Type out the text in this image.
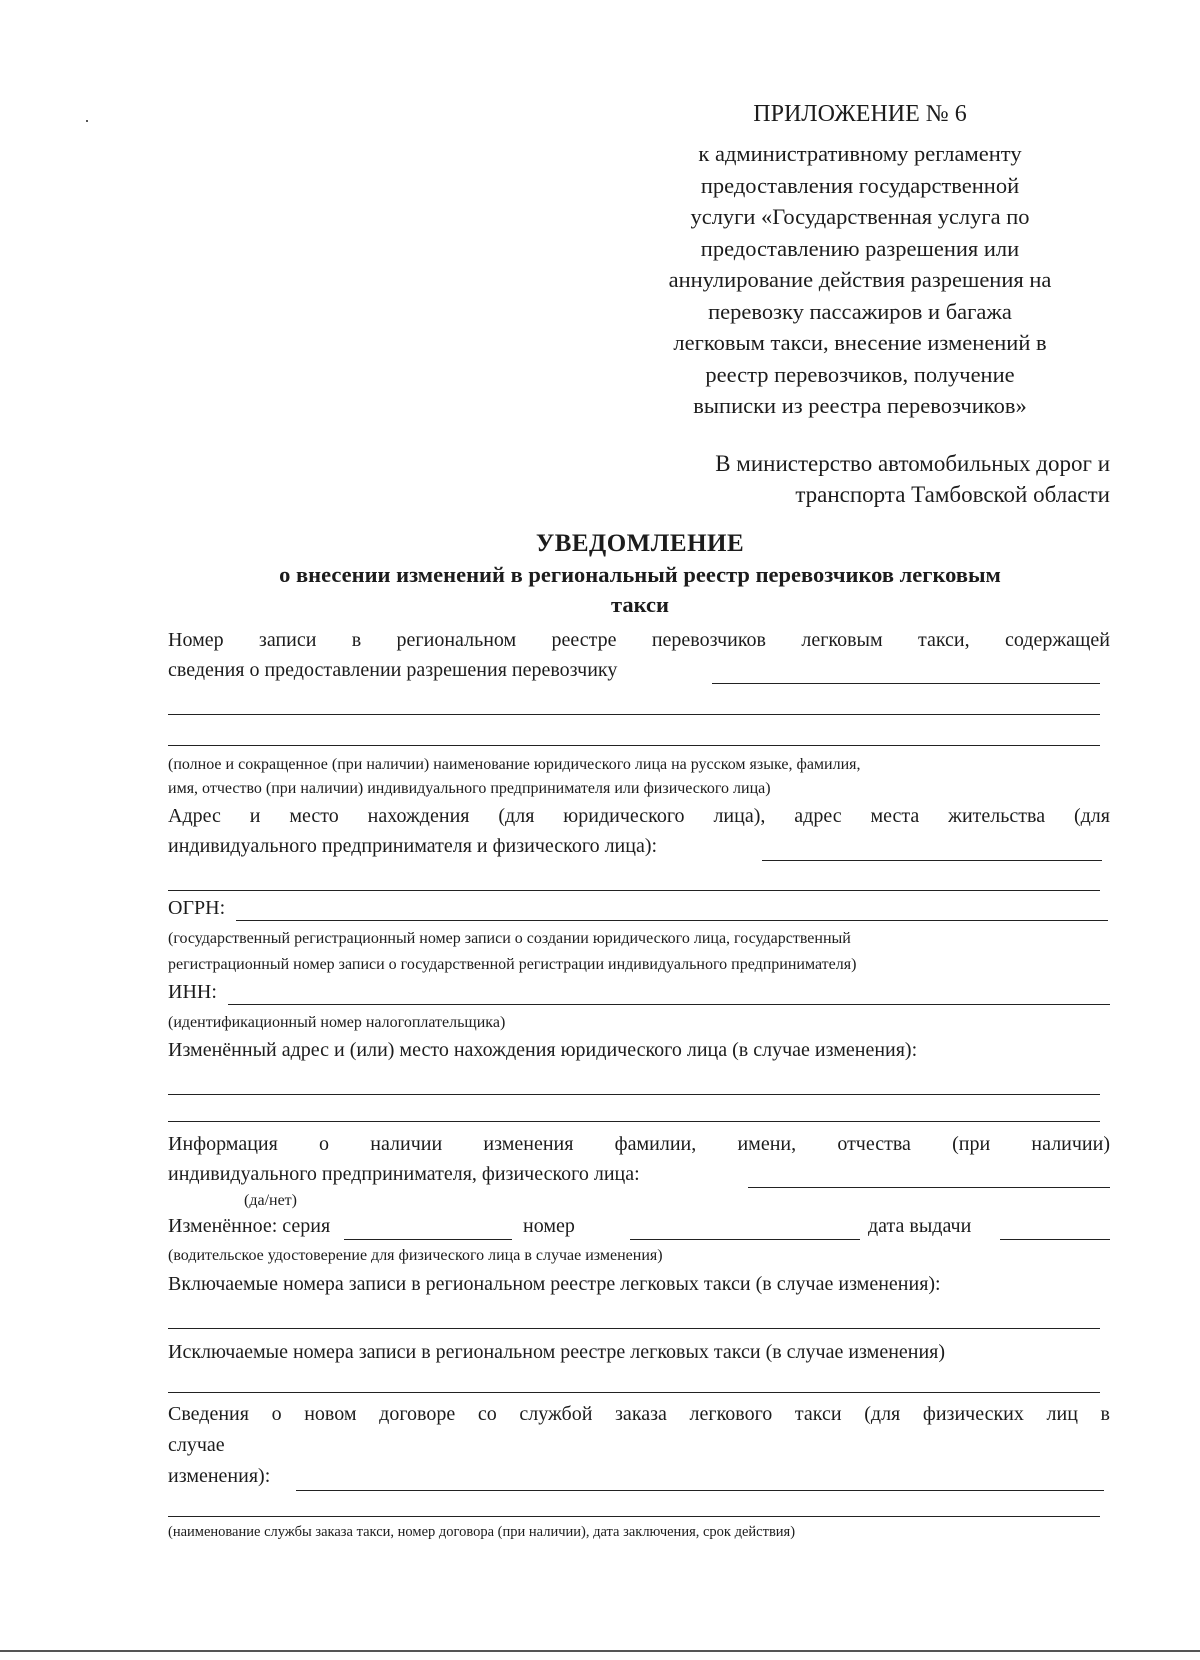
ПРИЛОЖЕНИЕ № 6
к административному регламенту
предоставления государственной
услуги «Государственная услуга по
предоставлению разрешения или
аннулирование действия разрешения на
перевозку пассажиров и багажа
легковым такси, внесение изменений в
реестр перевозчиков, получение
выписки из реестра перевозчиков»
В министерство автомобильных дорог и
транспорта Тамбовской области
УВЕДОМЛЕНИЕ
о внесении изменений в региональный реестр перевозчиков легковым
такси
Номер записи в региональном реестре перевозчиков легковым такси, содержащей
сведения о предоставлении разрешения перевозчику
(полное и сокращенное (при наличии) наименование юридического лица на русском языке, фамилия,
имя, отчество (при наличии) индивидуального предпринимателя или физического лица)
Адрес и место нахождения (для юридического лица), адрес места жительства (для
индивидуального предпринимателя и физического лица):
ОГРН:
(государственный регистрационный номер записи о создании юридического лица, государственный
регистрационный номер записи о государственной регистрации индивидуального предпринимателя)
ИНН:
(идентификационный номер налогоплательщика)
Изменённый адрес и (или) место нахождения юридического лица (в случае изменения):
Информация о наличии изменения фамилии, имени, отчества (при наличии)
индивидуального предпринимателя, физического лица:
(да/нет)
Изменённое: серия	номер	дата выдачи
(водительское удостоверение для физического лица в случае изменения)
Включаемые номера записи в региональном реестре легковых такси (в случае изменения):
Исключаемые номера записи в региональном реестре легковых такси (в случае изменения)
Сведения о новом договоре со службой заказа легкового такси (для физических лиц в
случае
изменения):
(наименование службы заказа такси, номер договора (при наличии), дата заключения, срок действия)
